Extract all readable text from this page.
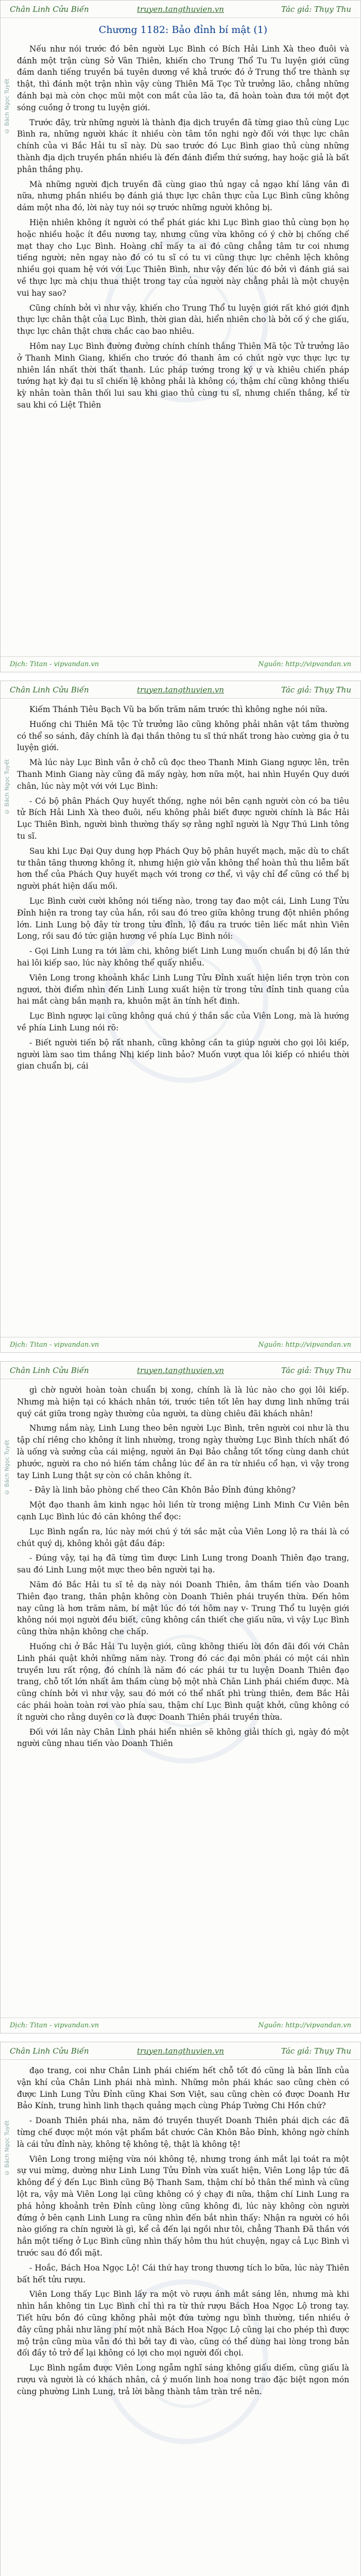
Chân Linh Cửu Biến	truyen.tangthuvien.vn	Tác giả: Thụy Thu
© Bách Ngọc Tuyết
Chương 1182: Bảo đỉnh bí mật (1)

Nếu như nói trước đó bên người Lục Bình có Bích Hải Linh Xà theo đuôi và đánh một trận cùng Sở Vân Thiên, khiến cho Trung Thổ Tu Tu luyện giới cũng đám danh tiếng truyền bá tuyên dương về khả trước đó ở Trung thổ tre thành sự thật, thì đánh một trận nhìn vậy cùng Thiên Mã Tọc Tử trưởng lão, chẳng những đánh bại mà còn chọc mũi một con mắt của lão ta, đã hoàn toàn đưa tới một đợt sóng cuồng ở trong tu luyện giới.

Trước đây, trừ những người là thành địa dịch truyền đã từng giao thủ cùng Lục Bình ra, những người khác ít nhiều còn tâm tồn nghi ngờ đối với thực lực chân chính của vi Bắc Hải tu sĩ này. Dù sao trước đó Lục Bình giao thủ cùng những thành địa dịch truyền phần nhiều là đến đánh điểm thứ sướng, hay hoặc giả là bất phân thắng phụ.

Mà những người địch truyền đã cùng giao thủ ngay cả ngạo khí lăng vân đi nữa, nhưng phần nhiều bọ đánh giá thực lực chân thực của Lục Bình cũng không dám một nha đó, lời này tuy nói sợ trước những người không bị.

Hiện nhiên không ít người có thể phát giác khi Lục Bình giao thủ cùng bọn họ hoặc nhiều hoặc ít đều nương tay, nhưng cũng vừa không có ý chờ bị chống chế mạt thay cho Lục Bình. Hoàng chỉ mấy ta ai đó cũng chẳng tâm tư coi nhưng tiếng người; nên ngay nào đó có tu sĩ có tu vi cũng thực lực chênh lệch không nhiều gọi quam hệ với với Lục Thiên Bình, như vậy đến lúc đó bởi vì đánh giá sai về thực lực mà chịu thua thiệt trong tay của người này chẳng phải là một chuyện vui hay sao?

Cũng chính bởi vì như vậy, khiến cho Trung Thổ tu luyện giới rất khó giới định thực lực chân thật của Lục Bình, thời gian dài, hiển nhiên cho là bởi cố ý che giấu, thực lực chân thật chưa chắc cao bao nhiêu.

Hôm nay Lục Bình đường đường chính chính thắng Thiên Mã tộc Tử trưởng lão ở Thanh Minh Giang, khiến cho trước đó thanh âm có chút ngờ vực thực lực tự nhiên lần nhất thời thất thanh. Lúc pháp tướng trong ký ự và khiêu chiến pháp tướng hạt kỳ đại tu sĩ chiến lệ không phải là không có, thậm chí cũng không thiếu kỳ nhân toàn thân thối lui sau khi giao thủ cùng tu sĩ, nhưng chiến thắng, kể từ sau khi có Liệt Thiên

Dịch: Titan - vipvandan.vn	Nguồn: http://vipvandan.vn
Chân Linh Cửu Biến	truyen.tangthuvien.vn	Tác giả: Thụy Thu
© Bách Ngọc Tuyết

Kiếm Thánh Tiêu Bạch Vũ ba bốn trăm năm trước thì không nghe nói nữa.

Huống chi Thiên Mã tộc Tử trưởng lão cũng không phải nhân vật tầm thường có thể so sánh, đây chính là đại thần thông tu sĩ thứ nhất trong hào cường gia ở tu luyện giới.

Mà lúc này Lục Bình vẫn ở chỗ cũ đọc theo Thanh Minh Giang ngược lên, trên Thanh Minh Giang này cũng đã mấy ngày, hơn nữa một, hai nhìn Huyền Quy dưới chân, lúc này một với với Lục Bình:

- Có bộ phân Phách Quy huyết thống, nghe nói bên cạnh người còn có ba tiêu tử Bích Hải Linh Xà theo đuôi, nếu không phải biết được người chính là Bắc Hải Lục Thiên Bình, người bình thường thấy sợ rằng nghĩ người là Ngự Thú Linh tông tu sĩ.

Sau khi Lục Đại Quy dung hợp Phách Quy bộ phân huyết mạch, mặc dù to chất tư thân tăng thương không ít, nhưng hiện giờ vẫn không thể hoàn thủ thu liễm bất hơn thể của Phách Quy huyết mạch với trong cơ thể, vì vậy chỉ để cũng có thể bị người phát hiện dấu mối.

Lục Bình cười cười không nói tiếng nào, trong tay đao một cái, Linh Lung Tửu Đỉnh hiện ra trong tay của hắn, rồi sau đó treo giữa không trung đột nhiên phồng lớn. Linh Lung bộ đây từ trong tửu đỉnh, lộ đầu ra trước tiên liếc mắt nhìn Viên Long, rồi sau đó tức giận hương về phía Lục Bình nói:

- Gọi Linh Lung ra tới làm chi, không biết Linh Lung muốn chuẩn bị độ lần thứ hai lôi kiếp sao, lúc này không thể quấy nhiễu.

Viên Long trong khoảnh khắc Linh Lung Tửu Đỉnh xuất hiện liền trợn tròn con ngươi, thời điểm nhìn đến Linh Lung xuất hiện từ trong tửu đỉnh tinh quang của hai mắt càng bắn mạnh ra, khuôn mặt ăn tính hết đinh.

Lục Bình ngược lại cũng không quá chú ý thần sắc của Viên Long, mà là hướng về phía Linh Lung nói rõ:

- Biết người tiến bộ rất nhanh, cũng không cần ta giúp người cho gọi lôi kiếp, người làm sao tìm thắng Nhị kiếp linh bảo? Muốn vượt qua lôi kiếp có nhiều thời gian chuẩn bị, cái

Dịch: Titan - vipvandan.vn	Nguồn: http://vipvandan.vn
Chân Linh Cửu Biến	truyen.tangthuvien.vn	Tác giả: Thụy Thu
© Bách Ngọc Tuyết

gì chờ người hoàn toàn chuẩn bị xong, chính là là lúc nào cho gọi lôi kiếp. Nhưng mà hiện tại có khách nhân tới, trước tiên tốt lên hay dưng linh những trái quý cát giữa trong ngày thường của người, ta dùng chiêu đãi khách nhân!

Nhưng nắm này, Linh Lung theo bên người Lục Bình, trên người coi như là thu tập chí riêng cho không ít linh nhường, trong ngày thường Lục Bình thích nhất đó là uống và sưởng của cái miệng, người ăn Đại Bảo chẳng tốt tống cùng danh chút phước, người ra cho nó hiến tám chẳng lúc để ăn ra từ nhiều cổ hạn, vì vậy trong tay Linh Lung thật sự còn có chân không ít.

- Đây là linh bảo phòng chế theo Cân Khôn Bảo Đỉnh đúng không?

Một đạo thanh âm kinh ngạc hỏi liền từ trong miệng Linh Minh Cư Viên bên cạnh Lục Bình lúc đó căn không thể đọc:

Lục Bình ngẩn ra, lúc này mới chú ý tới sắc mặt của Viên Long lộ ra thái là có chút quý dị, không khỏi gật đầu đáp:

- Đúng vậy, tại hạ đã từng tìm được Linh Lung trong Doanh Thiên đạo trang, sau đó Linh Lung một mực theo bên người tại hạ.

Năm đó Bắc Hải tu sĩ tẻ dạ này nói Doanh Thiên, âm thầm tiến vào Doanh Thiên đạo trang, thân phận không còn Doanh Thiên phái truyền thừa. Đến hôm nay cũng là hơn trăm năm, bí mật lúc đó tới hôm nay v- Trung Thổ tu luyện giới không nói mọi người đều biết, cũng không cần thiết che giấu nữa, vì vậy Lục Bình cũng thừa nhận không che chấp.

Huống chi ở Bắc Hải Tu luyện giới, cũng không thiếu lời đồn đãi đối với Chân Linh phái quật khởi những năm này. Trong đó các đại môn phái có một cái nhìn truyền lưu rất rộng, đó chính là năm đó các phái tư tu luyện Doanh Thiên đạo trang, chỗ tốt lớn nhất âm thầm cùng bộ một nhà Chân Linh phái chiếm được. Mà cũng chính bởi vì như vậy, sau đó mới có thể nhất phì trùng thiên, đem Bắc Hải các phái hoàn toàn rơi vào phía sau, thậm chí Lục Bình quật khởi, cũng không có ít người cho rằng duyên cơ là được Doanh Thiên phái truyền thừa.

Đối với lần này Chân Linh phái hiển nhiên sẽ không giải thích gì, ngày đó một người cũng nhau tiến vào Doanh Thiên

Dịch: Titan - vipvandan.vn	Nguồn: http://vipvandan.vn
Chân Linh Cửu Biến	truyen.tangthuvien.vn	Tác giả: Thụy Thu
© Bách Ngọc Tuyết

đạo trang, coi như Chân Linh phái chiếm hết chỗ tốt đó cũng là bản lĩnh của vận khí của Chân Linh phái nhà mình. Những môn phái khác sao cũng chèn có được Linh Lung Tửu Đỉnh cũng Khai Sơn Việt, sau cũng chèn có được Doanh Hư Bảo Kính, trung hình linh thạch quảng mạch cùng Pháp Tường Chi Hồn chứ?

- Doanh Thiên phái nha, năm đó truyền thuyết Doanh Thiên phái dịch các đã từng chế được một món vật phẩm bắt chước Cân Khôn Bảo Đỉnh, không ngờ chính là cái tửu đỉnh này, không tệ không tệ, thật là không tệ!

Viên Long trong miệng vừa nói không tệ, nhưng trong ánh mắt lại toát ra một sự vui mừng, dường như Linh Lung Tửu Đỉnh vừa xuất hiện, Viên Long lập tức đã không để ý đến Lục Bình cũng Bộ Thanh Sam, thậm chí bỏ thân thể mình và cũng lột ra, vậy mà Viên Long lại cũng không có ý chạy đi nữa, thậm chí Linh Lung ra phá hỏng khoảnh trên Đỉnh cũng lòng cũng không đi, lúc này không còn người đứng ở bên cạnh Linh Lung ra cũng nhìn đến bắt nhìn thấy: Nhận ra người có hồi nào giống ra chín người là gì, kể cả đến lại ngồi như tôi, chẳng Thanh Đã thần với hắn một tiếng ở Lục Bình cũng nhìn thấy hôm thu hút chuyện, ngay cả Lục Bình vì trước sau đó đổi mặt.

- Hoắc, Bách Hoa Ngọc Lộ! Cái thứ hay trong thương tích lo bữa, lúc này Thiên bất hết tửu rượu.

Viên Long thấy Lục Bình lấy ra một vò rượu ánh mắt sáng lên, nhưng mà khi nhìn hắn không tin Lục Bình chỉ thì ra từ thứ rượu Bách Hoa Ngọc Lộ trong tay. Tiết hữu bồn đó cũng không phải một đứa tường ngu bình thường, tiền nhiều ở đây cũng phải như lãng phí một nhà Bách Hoa Ngọc Lộ cũng lại cho phép thì được mộ trận cũng mùa vẫn đó thì bởi tay đi vào, cũng có thể dùng hai lòng trong bản đối đầy tỏ trở để lại không có lợi cho mọi người đối chọi.

Lục Bình ngắm được Viên Long ngẫm nghĩ sáng không giấu diếm, cũng giấu là rượu và người là có khách nhân, cả ý muốn linh hoa nong trao đặc biệt ngon món cùng phường Linh Lung, trả lời bằng thành tâm tràn trề nên.
